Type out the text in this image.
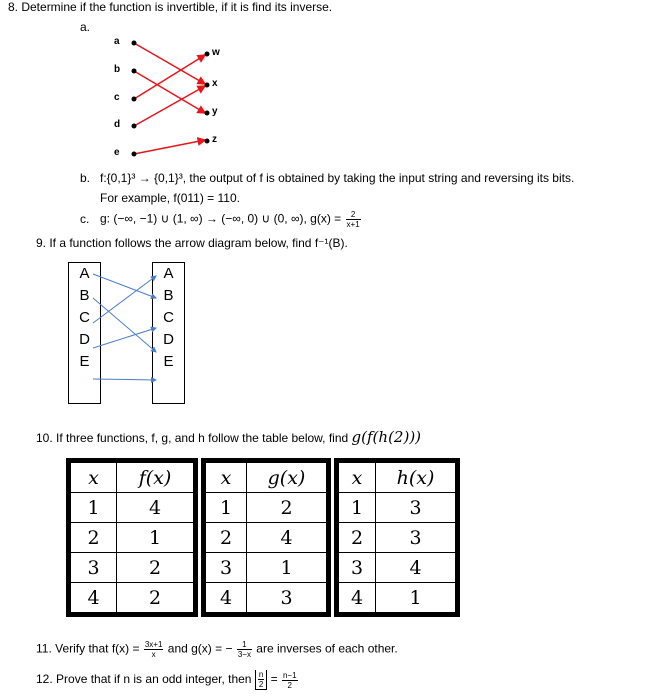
8. Determine if the function is invertible, if it is find its inverse.
a.
a
b
c
d
e
w
x
y
z
b. f:{0,1}³ → {0,1}³, the output of f is obtained by taking the input string and reversing its bits.
For example, f(011) = 110.
c. g: (−∞, −1) ∪ (1, ∞) → (−∞, 0) ∪ (0, ∞), $g(x) = \frac{2}{x+1}$
9. If a function follows the arrow diagram below, find f⁻¹(B).
A
B
C
D
E
A
B
C
D
E
10. If three functions, f, g, and h follow the table below, find g(f(h(2)))
x	f(x)
1	4
2	1
3	2
4	2
x	g(x)
1	2
2	4
3	1
4	3
x	h(x)
1	3
2	3
3	4
4	1
11. Verify that $f(x) = \frac{3x+1}{x}$ and g(x) = − $\frac{1}{3-x}$ are inverses of each other.
12. Prove that if n is an odd integer, then $\frac{n}{2} = \frac{n-1}{2}$
